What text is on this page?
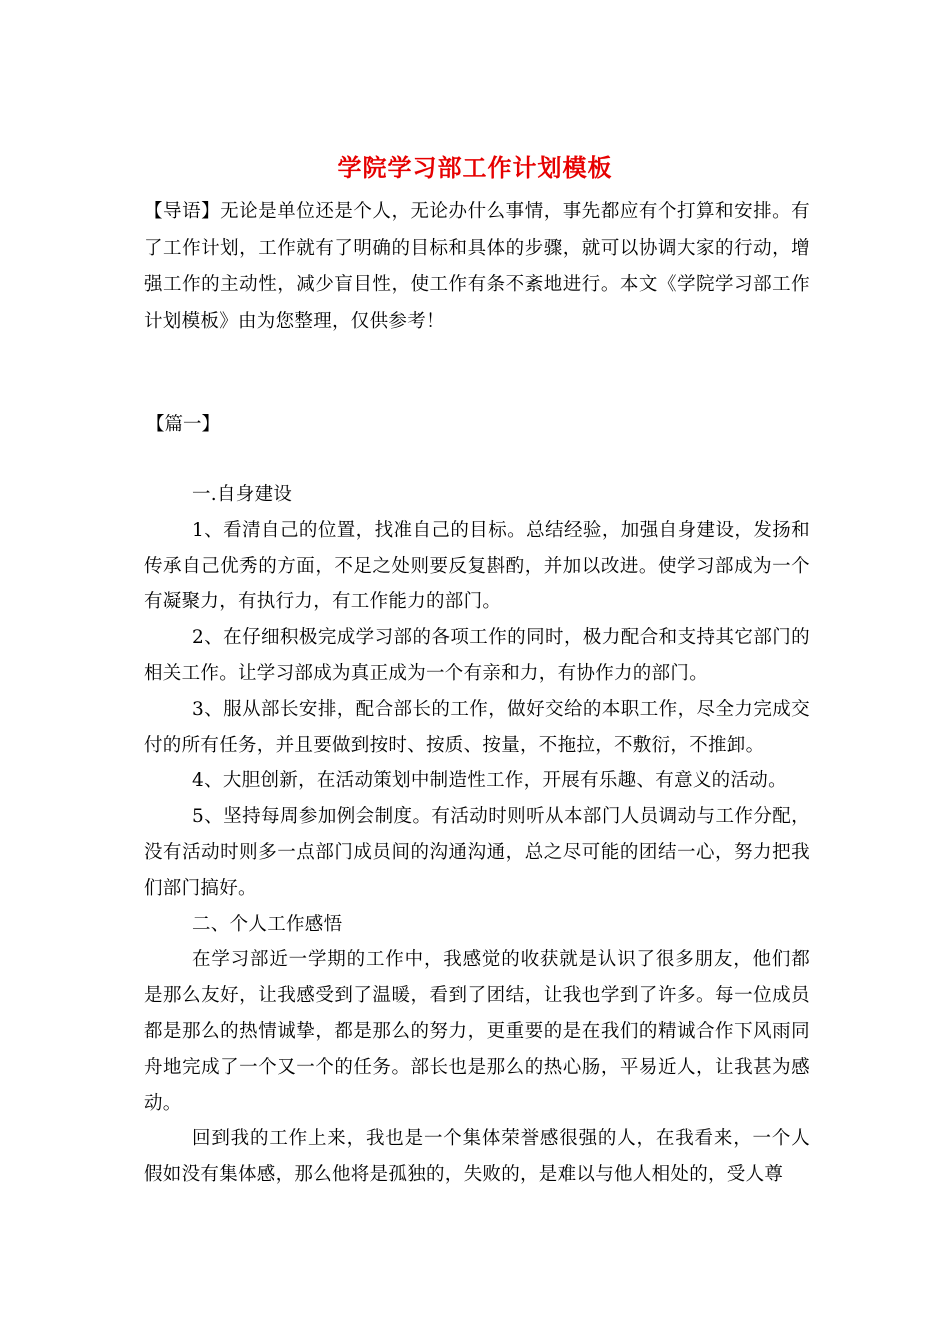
学院学习部工作计划模板
【导语】无论是单位还是个人，无论办什么事情，事先都应有个打算和安排。有了工作计划，工作就有了明确的目标和具体的步骤，就可以协调大家的行动，增强工作的主动性，减少盲目性，使工作有条不紊地进行。本文《学院学习部工作计划模板》由为您整理，仅供参考！
【篇一】

一.自身建设

1、看清自己的位置，找准自己的目标。总结经验，加强自身建设，发扬和传承自己优秀的方面，不足之处则要反复斟酌，并加以改进。使学习部成为一个有凝聚力，有执行力，有工作能力的部门。

2、在仔细积极完成学习部的各项工作的同时，极力配合和支持其它部门的相关工作。让学习部成为真正成为一个有亲和力，有协作力的部门。

3、服从部长安排，配合部长的工作，做好交给的本职工作，尽全力完成交付的所有任务，并且要做到按时、按质、按量，不拖拉，不敷衍，不推卸。

4、大胆创新，在活动策划中制造性工作，开展有乐趣、有意义的活动。

5、坚持每周参加例会制度。有活动时则听从本部门人员调动与工作分配，没有活动时则多一点部门成员间的沟通沟通，总之尽可能的团结一心，努力把我们部门搞好。

二、个人工作感悟

在学习部近一学期的工作中，我感觉的收获就是认识了很多朋友，他们都是那么友好，让我感受到了温暖，看到了团结，让我也学到了许多。每一位成员都是那么的热情诚挚，都是那么的努力，更重要的是在我们的精诚合作下风雨同舟地完成了一个又一个的任务。部长也是那么的热心肠，平易近人，让我甚为感动。

回到我的工作上来，我也是一个集体荣誉感很强的人，在我看来，一个人假如没有集体感，那么他将是孤独的，失败的，是难以与他人相处的，受人尊
